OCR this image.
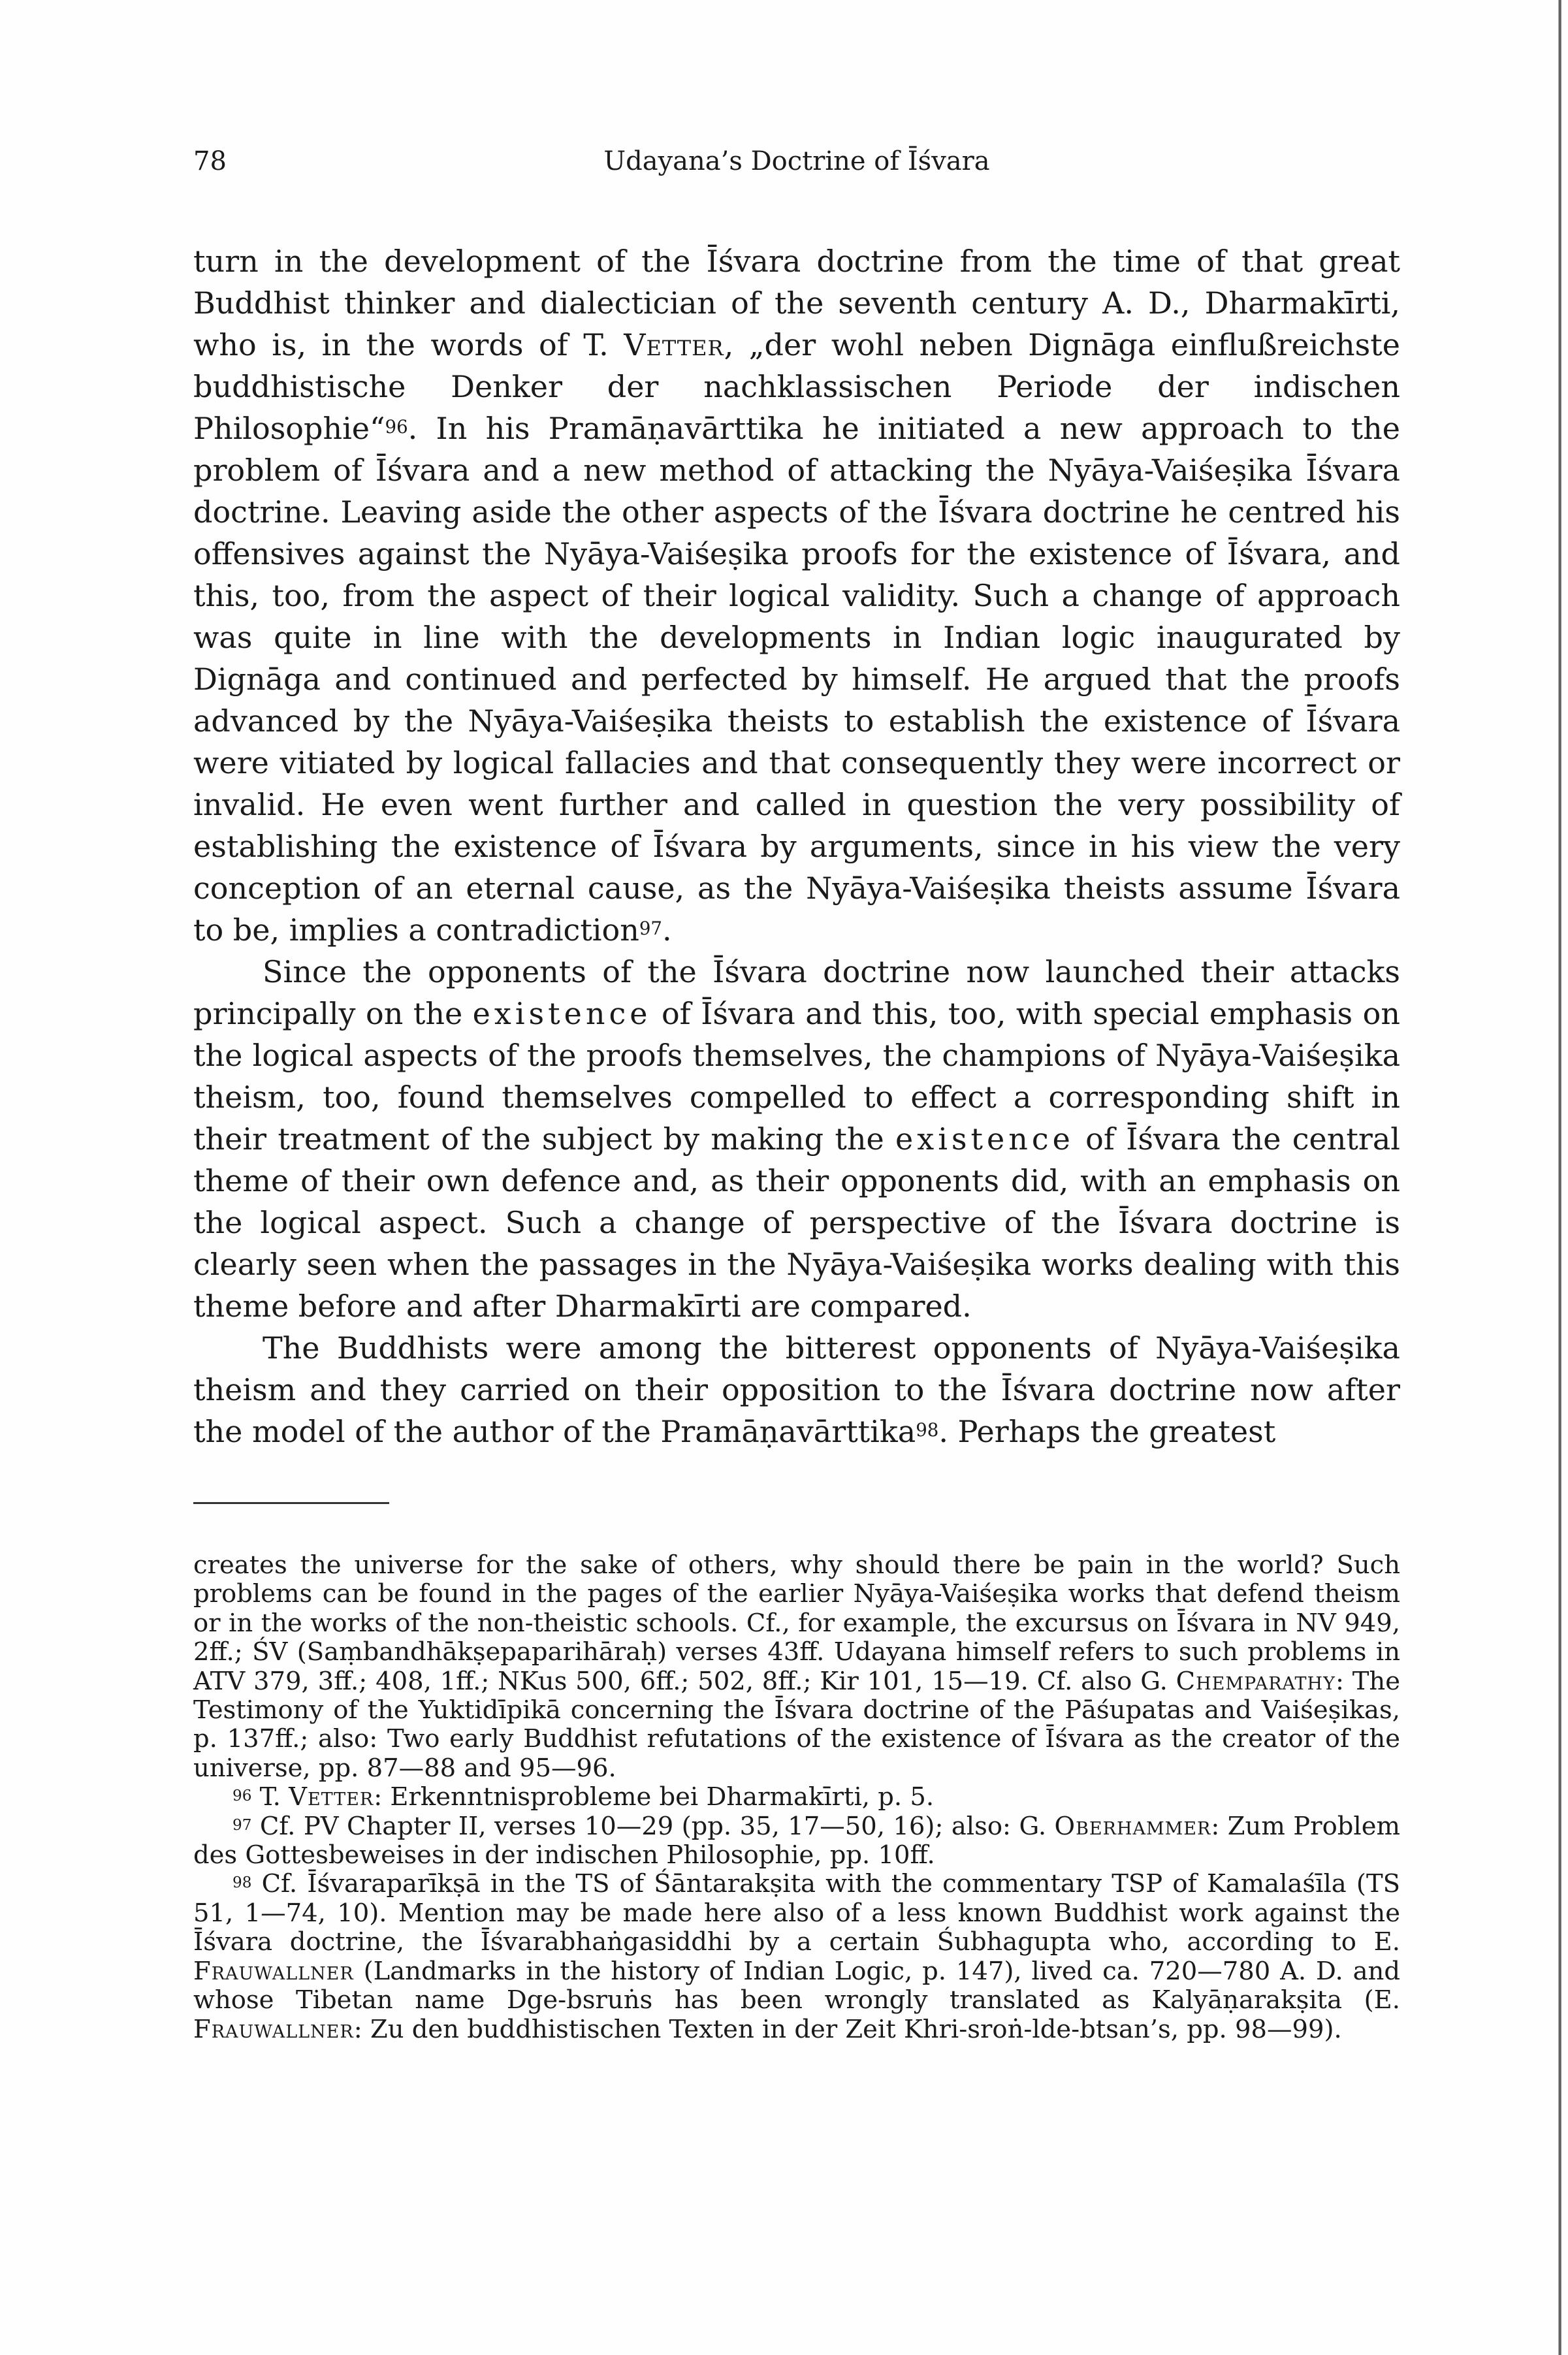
78	Udayana’s Doctrine of Īśvara

turn in the development of the Īśvara doctrine from the time of that great Buddhist thinker and dialectician of the seventh century A. D., Dharmakīrti, who is, in the words of T. Vetter, „der wohl neben Dignāga einflußreichste buddhistische Denker der nachklassischen Periode der indischen Philosophie“$^{96}$. In his Pramāṇavārttika he initiated a new approach to the problem of Īśvara and a new method of attacking the Nyāya-Vaiśeṣika Īśvara doctrine. Leaving aside the other aspects of the Īśvara doctrine he centred his offensives against the Nyāya-Vaiśeṣika proofs for the existence of Īśvara, and this, too, from the aspect of their logical validity. Such a change of approach was quite in line with the developments in Indian logic inaugurated by Dignāga and continued and perfected by himself. He argued that the proofs advanced by the Nyāya-Vaiśeṣika theists to establish the existence of Īśvara were vitiated by logical fallacies and that consequently they were incorrect or invalid. He even went further and called in question the very possibility of establishing the existence of Īśvara by arguments, since in his view the very conception of an eternal cause, as the Nyāya-Vaiśeṣika theists assume Īśvara to be, implies a contradiction$^{97}$.

Since the opponents of the Īśvara doctrine now launched their attacks principally on the existence of Īśvara and this, too, with special emphasis on the logical aspects of the proofs themselves, the champions of Nyāya-Vaiśeṣika theism, too, found themselves compelled to effect a corresponding shift in their treatment of the subject by making the existence of Īśvara the central theme of their own defence and, as their opponents did, with an emphasis on the logical aspect. Such a change of perspective of the Īśvara doctrine is clearly seen when the passages in the Nyāya-Vaiśeṣika works dealing with this theme before and after Dharmakīrti are compared.

The Buddhists were among the bitterest opponents of Nyāya-Vaiśeṣika theism and they carried on their opposition to the Īśvara doctrine now after the model of the author of the Pramāṇavārttika$^{98}$. Perhaps the greatest

creates the universe for the sake of others, why should there be pain in the world? Such problems can be found in the pages of the earlier Nyāya-Vaiśeṣika works that defend theism or in the works of the non-theistic schools. Cf., for example, the excursus on Īśvara in NV 949, 2ff.; ŚV (Saṃbandhākṣepaparihāraḥ) verses 43ff. Udayana himself refers to such problems in ATV 379, 3ff.; 408, 1ff.; NKus 500, 6ff.; 502, 8ff.; Kir 101, 15—19. Cf. also G. Chemparathy: The Testimony of the Yuktidīpikā concerning the Īśvara doctrine of the Pāśupatas and Vaiśeṣikas, p. 137ff.; also: Two early Buddhist refutations of the existence of Īśvara as the creator of the universe, pp. 87—88 and 95—96.

$^{96}$ T. Vetter: Erkenntnisprobleme bei Dharmakīrti, p. 5.

$^{97}$ Cf. PV Chapter II, verses 10—29 (pp. 35, 17—50, 16); also: G. Oberhammer: Zum Problem des Gottesbeweises in der indischen Philosophie, pp. 10ff.

$^{98}$ Cf. Īśvaraparīkṣā in the TS of Śāntarakṣita with the commentary TSP of Kamalaśīla (TS 51, 1—74, 10). Mention may be made here also of a less known Buddhist work against the Īśvara doctrine, the Īśvarabhaṅgasiddhi by a certain Śubhagupta who, according to E. Frauwallner (Landmarks in the history of Indian Logic, p. 147), lived ca. 720—780 A. D. and whose Tibetan name Dge-bsruṅs has been wrongly translated as Kalyāṇarakṣita (E. Frauwallner: Zu den buddhistischen Texten in der Zeit Khri-sroṅ-lde-btsan’s, pp. 98—99).
